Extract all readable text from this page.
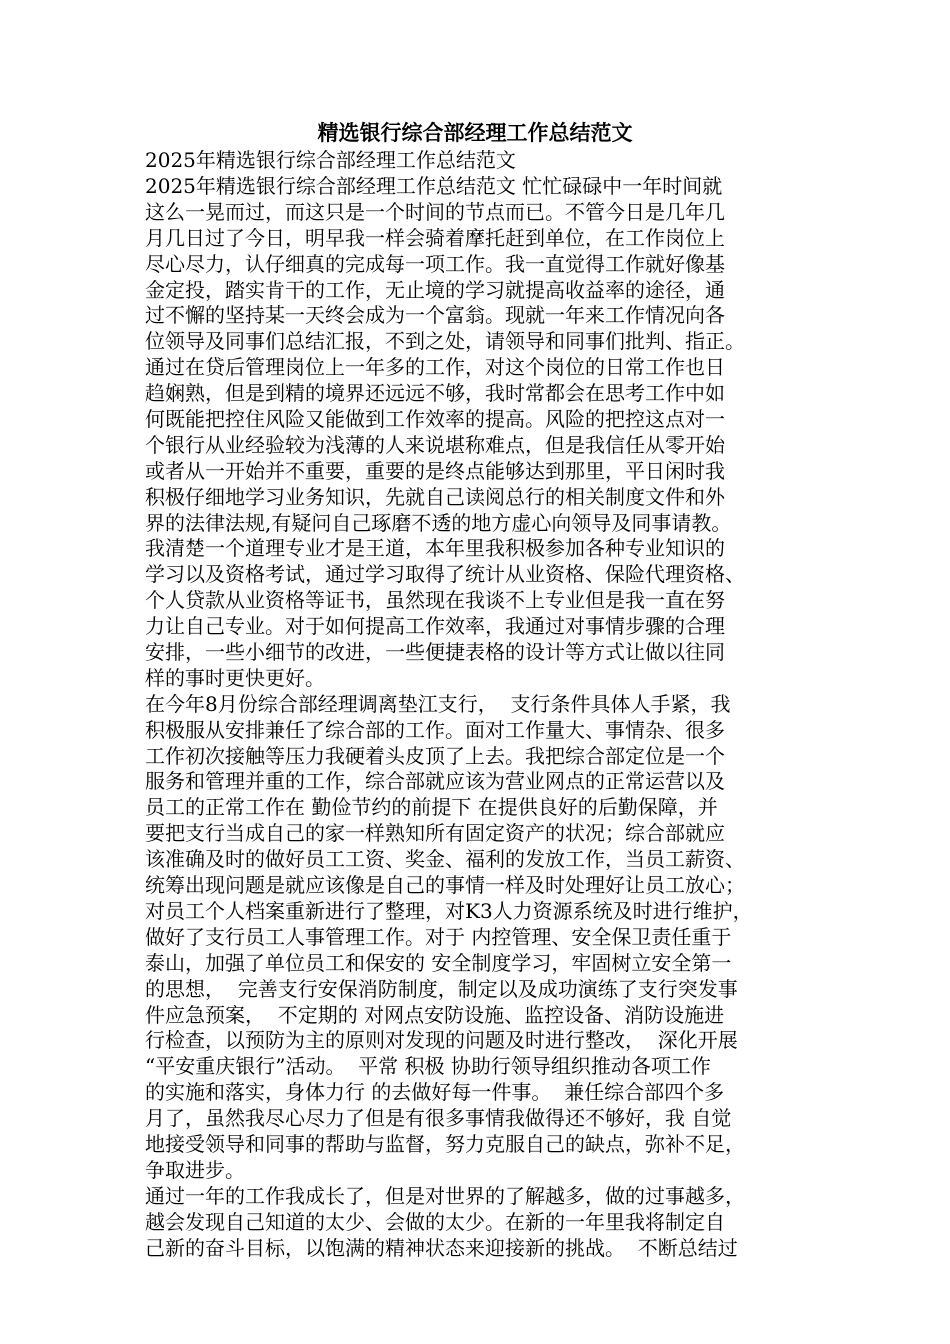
精选银行综合部经理工作总结范文
2025年精选银行综合部经理工作总结范文
2025年精选银行综合部经理工作总结范文 忙忙碌碌中一年时间就
这么一晃而过，而这只是一个时间的节点而已。不管今日是几年几
月几日过了今日，明早我一样会骑着摩托赶到单位，在工作岗位上
尽心尽力，认仔细真的完成每一项工作。我一直觉得工作就好像基
金定投，踏实肯干的工作，无止境的学习就提高收益率的途径，通
过不懈的坚持某一天终会成为一个富翁。现就一年来工作情况向各
位领导及同事们总结汇报，不到之处，请领导和同事们批判、指正。
通过在贷后管理岗位上一年多的工作，对这个岗位的日常工作也日
趋娴熟，但是到精的境界还远远不够，我时常都会在思考工作中如
何既能把控住风险又能做到工作效率的提高。风险的把控这点对一
个银行从业经验较为浅薄的人来说堪称难点，但是我信任从零开始
或者从一开始并不重要，重要的是终点能够达到那里，平日闲时我
积极仔细地学习业务知识，先就自己读阅总行的相关制度文件和外
界的法律法规,有疑问自己琢磨不透的地方虚心向领导及同事请教。
我清楚一个道理专业才是王道，本年里我积极参加各种专业知识的
学习以及资格考试，通过学习取得了统计从业资格、保险代理资格、
个人贷款从业资格等证书，虽然现在我谈不上专业但是我一直在努
力让自己专业。对于如何提高工作效率，我通过对事情步骤的合理
安排，一些小细节的改进，一些便捷表格的设计等方式让做以往同
样的事时更快更好。
在今年8月份综合部经理调离垫江支行，  支行条件具体人手紧，我
积极服从安排兼任了综合部的工作。面对工作量大、事情杂、很多
工作初次接触等压力我硬着头皮顶了上去。我把综合部定位是一个
服务和管理并重的工作，综合部就应该为营业网点的正常运营以及
员工的正常工作在 勤俭节约的前提下 在提供良好的后勤保障，并
要把支行当成自己的家一样熟知所有固定资产的状况；综合部就应
该准确及时的做好员工工资、奖金、福利的发放工作，当员工薪资、
统筹出现问题是就应该像是自己的事情一样及时处理好让员工放心；
对员工个人档案重新进行了整理，对K3人力资源系统及时进行维护，
做好了支行员工人事管理工作。对于 内控管理、安全保卫责任重于
泰山，加强了单位员工和保安的 安全制度学习，牢固树立安全第一
的思想，  完善支行安保消防制度，制定以及成功演练了支行突发事
件应急预案，  不定期的 对网点安防设施、监控设备、消防设施进
行检查，以预防为主的原则对发现的问题及时进行整改，  深化开展
“平安重庆银行”活动。  平常 积极 协助行领导组织推动各项工作
的实施和落实，身体力行 的去做好每一件事。  兼任综合部四个多
月了，虽然我尽心尽力了但是有很多事情我做得还不够好，我 自觉
地接受领导和同事的帮助与监督，努力克服自己的缺点，弥补不足，
争取进步。
通过一年的工作我成长了，但是对世界的了解越多，做的过事越多，
越会发现自己知道的太少、会做的太少。在新的一年里我将制定自
己新的奋斗目标，以饱满的精神状态来迎接新的挑战。  不断总结过
